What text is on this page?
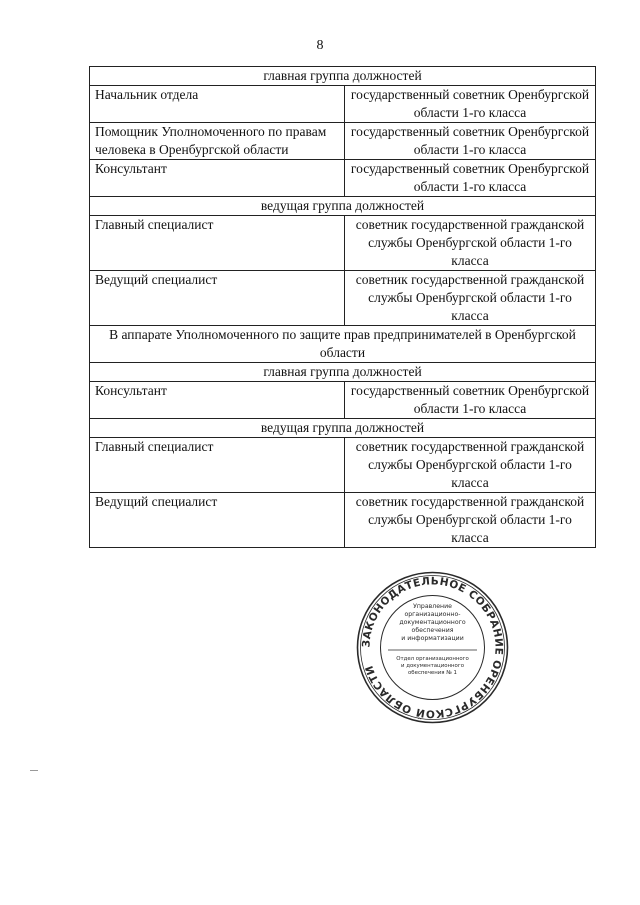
8
главная группа должностей	
Начальник отдела	государственный советник Оренбургской области 1-го класса
Помощник Уполномоченного по правам человека в Оренбургской области	государственный советник Оренбургской области 1-го класса
Консультант	государственный советник Оренбургской области 1-го класса
ведущая группа должностей	
Главный специалист	советник государственной гражданской службы Оренбургской области 1-го класса
Ведущий специалист	советник государственной гражданской службы Оренбургской области 1-го класса
В аппарате Уполномоченного по защите прав предпринимателей в Оренбургской области	
главная группа должностей	
Консультант	государственный советник Оренбургской области 1-го класса
ведущая группа должностей	
Главный специалист	советник государственной гражданской службы Оренбургской области 1-го класса
Ведущий специалист	советник государственной гражданской службы Оренбургской области 1-го класса
ЗАКОНОДАТЕЛЬНОЕ СОБРАНИЕ ОРЕНБУРГСКОЙ ОБЛАСТИ
Управление
организационно-
документационного
обеспечения
и информатизации
Отдел организационного
и документационного
обеспечения № 1
